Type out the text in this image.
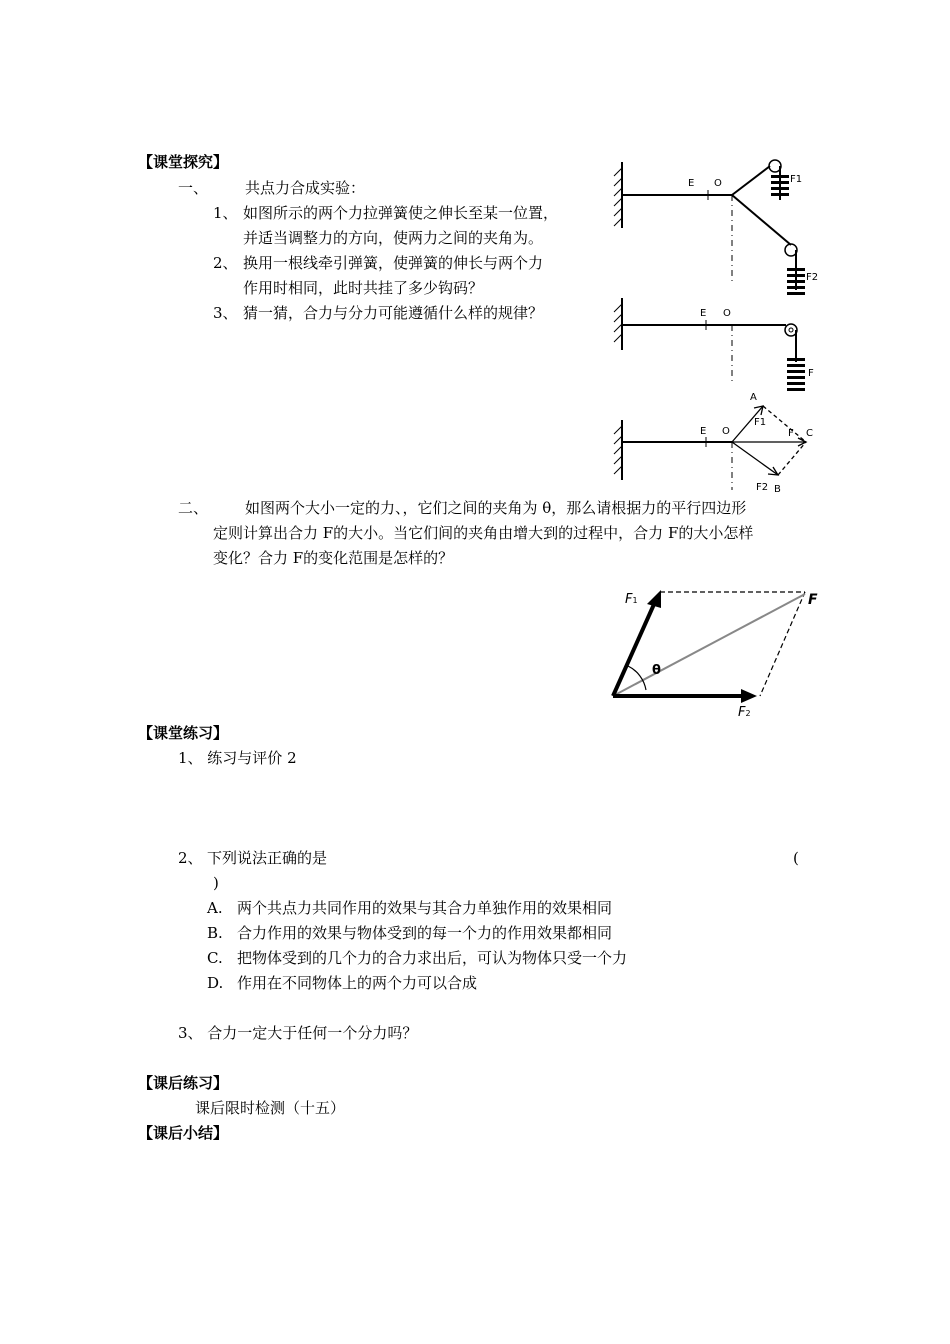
【课堂探究】
一、 共点力合成实验：
1、 如图所示的两个力拉弹簧使之伸长至某一位置，
并适当调整力的方向，使两力之间的夹角为。
2、 换用一根线牵引弹簧，使弹簧的伸长与两个力
作用时相同，此时共挂了多少钩码？
3、 猜一猜，合力与分力可能遵循什么样的规律？
E O	F1
F2
E O
F
E O
A
F1
F C
F2 B
二、 如图两个大小一定的力、，它们之间的夹角为 θ，那么请根据力的平行四边形
定则计算出合力 F的大小。当它们间的夹角由增大到的过程中，合力 F的大小怎样
变化？合力 F的变化范围是怎样的？
F1	F
F2
θ
【课堂练习】
1、 练习与评价 2
2、 下列说法正确的是	(
)
A. 两个共点力共同作用的效果与其合力单独作用的效果相同
B. 合力作用的效果与物体受到的每一个力的作用效果都相同
C. 把物体受到的几个力的合力求出后，可认为物体只受一个力
D. 作用在不同物体上的两个力可以合成
3、 合力一定大于任何一个分力吗？
【课后练习】
课后限时检测（十五）
【课后小结】
